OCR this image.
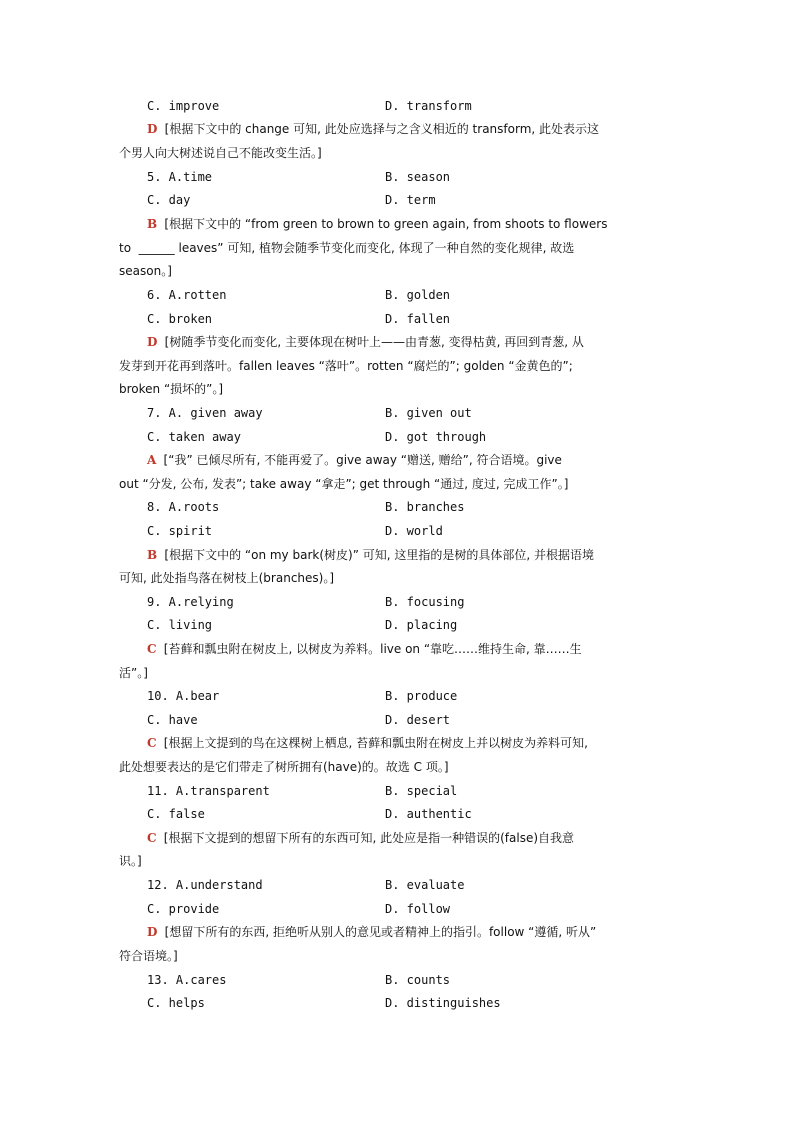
C. improve	D. transform
D [根据下文中的 change 可知, 此处应选择与之含义相近的 transform, 此处表示这
个男人向大树述说自己不能改变生活。]
5. A.time	B. season
C. day	D. term
B [根据下文中的 “from green to brown to green again, from shoots to flowers
to  ______ leaves” 可知, 植物会随季节变化而变化, 体现了一种自然的变化规律, 故选
season。]
6. A.rotten	B. golden
C. broken	D. fallen
D [树随季节变化而变化, 主要体现在树叶上——由青葱, 变得枯黄, 再回到青葱, 从
发芽到开花再到落叶。fallen leaves “落叶”。rotten “腐烂的”; golden “金黄色的”;
broken “损坏的”。]
7. A. given away	B. given out
C. taken away	D. got through
A [“我” 已倾尽所有, 不能再爱了。give away “赠送, 赠给”, 符合语境。give
out “分发, 公布, 发表”; take away “拿走”; get through “通过, 度过, 完成工作”。]
8. A.roots	B. branches
C. spirit	D. world
B [根据下文中的 “on my bark(树皮)” 可知, 这里指的是树的具体部位, 并根据语境
可知, 此处指鸟落在树枝上(branches)。]
9. A.relying	B. focusing
C. living	D. placing
C [苔藓和瓢虫附在树皮上, 以树皮为养料。live on “靠吃……维持生命, 靠……生
活”。]
10. A.bear	B. produce
C. have	D. desert
C [根据上文提到的鸟在这棵树上栖息, 苔藓和瓢虫附在树皮上并以树皮为养料可知,
此处想要表达的是它们带走了树所拥有(have)的。故选 C 项。]
11. A.transparent	B. special
C. false	D. authentic
C [根据下文提到的想留下所有的东西可知, 此处应是指一种错误的(false)自我意
识。]
12. A.understand	B. evaluate
C. provide	D. follow
D [想留下所有的东西, 拒绝听从别人的意见或者精神上的指引。follow “遵循, 听从”
符合语境。]
13. A.cares	B. counts
C. helps	D. distinguishes
